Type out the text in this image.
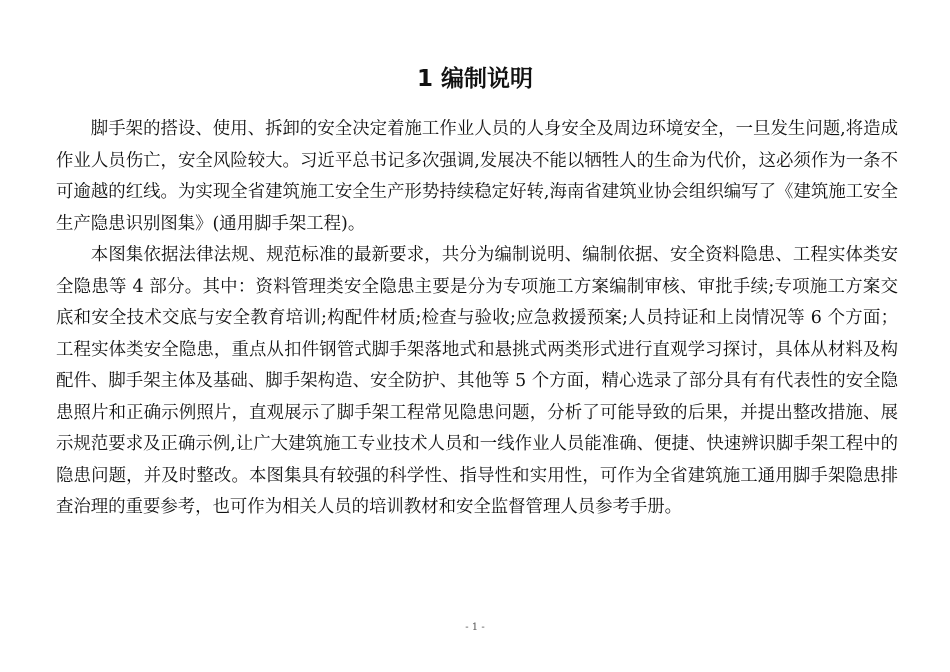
1 编制说明

脚手架的搭设、使用、拆卸的安全决定着施工作业人员的人身安全及周边环境安全，一旦发生问题,将造成作业人员伤亡，安全风险较大。习近平总书记多次强调,发展决不能以牺牲人的生命为代价，这必须作为一条不可逾越的红线。为实现全省建筑施工安全生产形势持续稳定好转,海南省建筑业协会组织编写了《建筑施工安全生产隐患识别图集》(通用脚手架工程)。

本图集依据法律法规、规范标准的最新要求，共分为编制说明、编制依据、安全资料隐患、工程实体类安全隐患等 4 部分。其中：资料管理类安全隐患主要是分为专项施工方案编制审核、审批手续;专项施工方案交底和安全技术交底与安全教育培训;构配件材质;检查与验收;应急救援预案;人员持证和上岗情况等 6 个方面；工程实体类安全隐患，重点从扣件钢管式脚手架落地式和悬挑式两类形式进行直观学习探讨，具体从材料及构配件、脚手架主体及基础、脚手架构造、安全防护、其他等 5 个方面，精心选录了部分具有有代表性的安全隐患照片和正确示例照片，直观展示了脚手架工程常见隐患问题，分析了可能导致的后果，并提出整改措施、展示规范要求及正确示例,让广大建筑施工专业技术人员和一线作业人员能准确、便捷、快速辨识脚手架工程中的隐患问题，并及时整改。本图集具有较强的科学性、指导性和实用性，可作为全省建筑施工通用脚手架隐患排查治理的重要参考，也可作为相关人员的培训教材和安全监督管理人员参考手册。

- 1 -
